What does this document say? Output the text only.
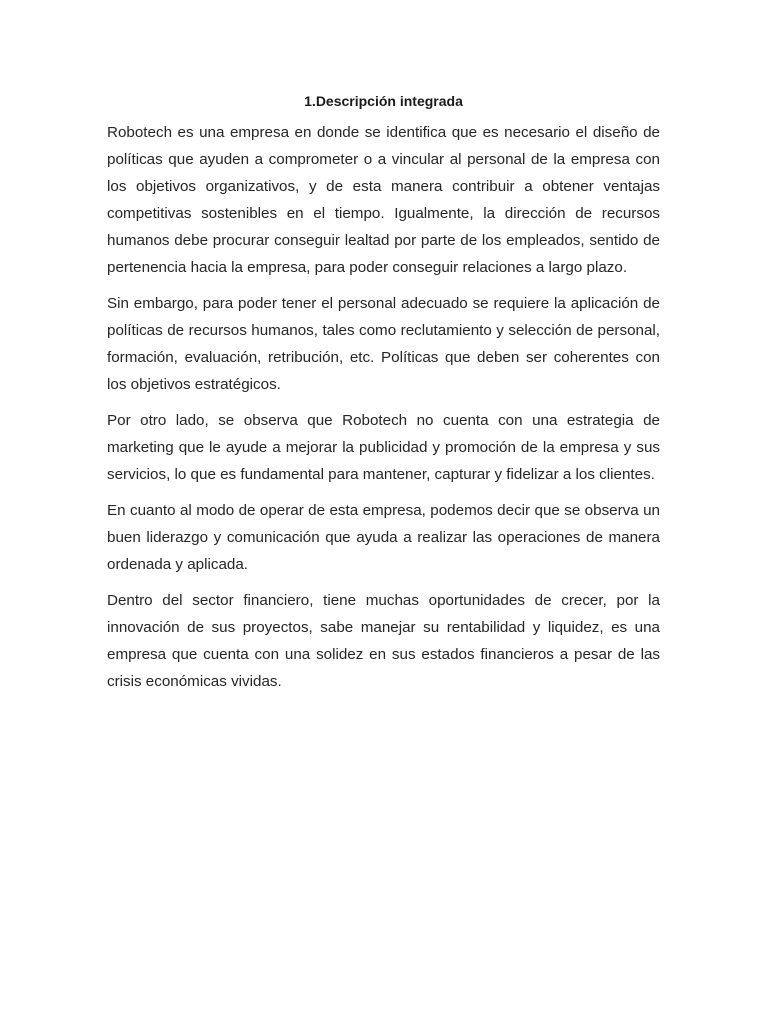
1.Descripción integrada

Robotech es una empresa en donde se identifica que es necesario el diseño de políticas que ayuden a comprometer o a vincular al personal de la empresa con los objetivos organizativos, y de esta manera contribuir a obtener ventajas competitivas sostenibles en el tiempo. Igualmente, la dirección de recursos humanos debe procurar conseguir lealtad por parte de los empleados, sentido de pertenencia hacia la empresa, para poder conseguir relaciones a largo plazo.

Sin embargo, para poder tener el personal adecuado se requiere la aplicación de políticas de recursos humanos, tales como reclutamiento y selección de personal, formación, evaluación, retribución, etc. Políticas que deben ser coherentes con los objetivos estratégicos.

Por otro lado, se observa que Robotech no cuenta con una estrategia de marketing que le ayude a mejorar la publicidad y promoción de la empresa y sus servicios, lo que es fundamental para mantener, capturar y fidelizar a los clientes.

En cuanto al modo de operar de esta empresa, podemos decir que se observa un buen liderazgo y comunicación que ayuda a realizar las operaciones de manera ordenada y aplicada.

Dentro del sector financiero, tiene muchas oportunidades de crecer, por la innovación de sus proyectos, sabe manejar su rentabilidad y liquidez, es una empresa que cuenta con una solidez en sus estados financieros a pesar de las crisis económicas vividas.
